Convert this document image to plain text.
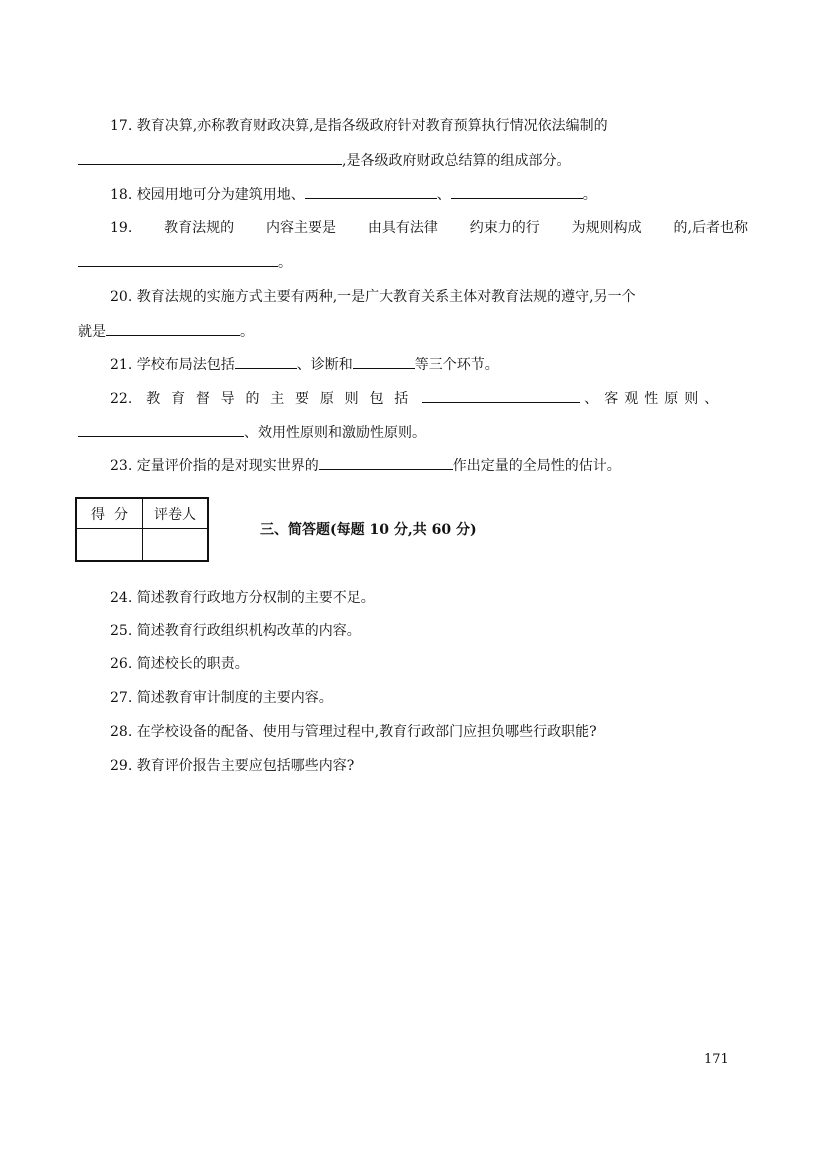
17. 教育决算,亦称教育财政决算,是指各级政府针对教育预算执行情况依法编制的
,是各级政府财政总结算的组成部分。
18. 校园用地可分为建筑用地、	、	。
19. 教育法规的 内容主要是 由具有法律 约束力的行 为规则构成 的,后者也称
。
20. 教育法规的实施方式主要有两种,一是广大教育关系主体对教育法规的遵守,另一个
就是	。
21. 学校布局法包括	、诊断和	等三个环节。
22. 教 育 督 导 的 主 要 原 则 包 括	、客观性原则、
、效用性原则和激励性原则。
23. 定量评价指的是对现实世界的	作出定量的全局性的估计。
得  分	评卷人
三、简答题(每题 10 分,共 60 分)
24. 简述教育行政地方分权制的主要不足。
25. 简述教育行政组织机构改革的内容。
26. 简述校长的职责。
27. 简述教育审计制度的主要内容。
28. 在学校设备的配备、使用与管理过程中,教育行政部门应担负哪些行政职能?
29. 教育评价报告主要应包括哪些内容?
171
